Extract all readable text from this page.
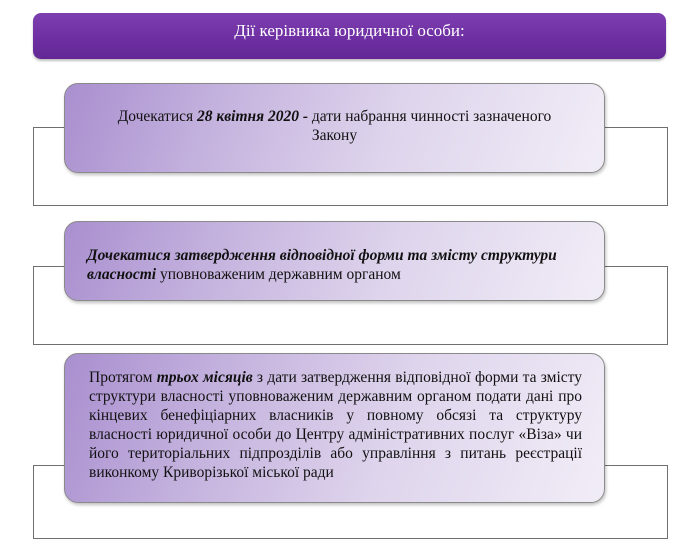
Дії керівника юридичної особи:
Дочекатися 28 квітня 2020 - дати набрання чинності зазначеного Закону
Дочекатися затвердження відповідної форми та змісту структури власності уповноваженим державним органом
Протягом трьох місяців з дати затвердження відповідної форми та змісту структури власності уповноваженим державним органом подати дані про кінцевих бенефіціарних власників у повному обсязі та структуру власності юридичної особи до Центру адміністративних послуг «Віза» чи його територіальних підпрозділів або управління з питань реєстрації виконкому Криворізької міської ради
